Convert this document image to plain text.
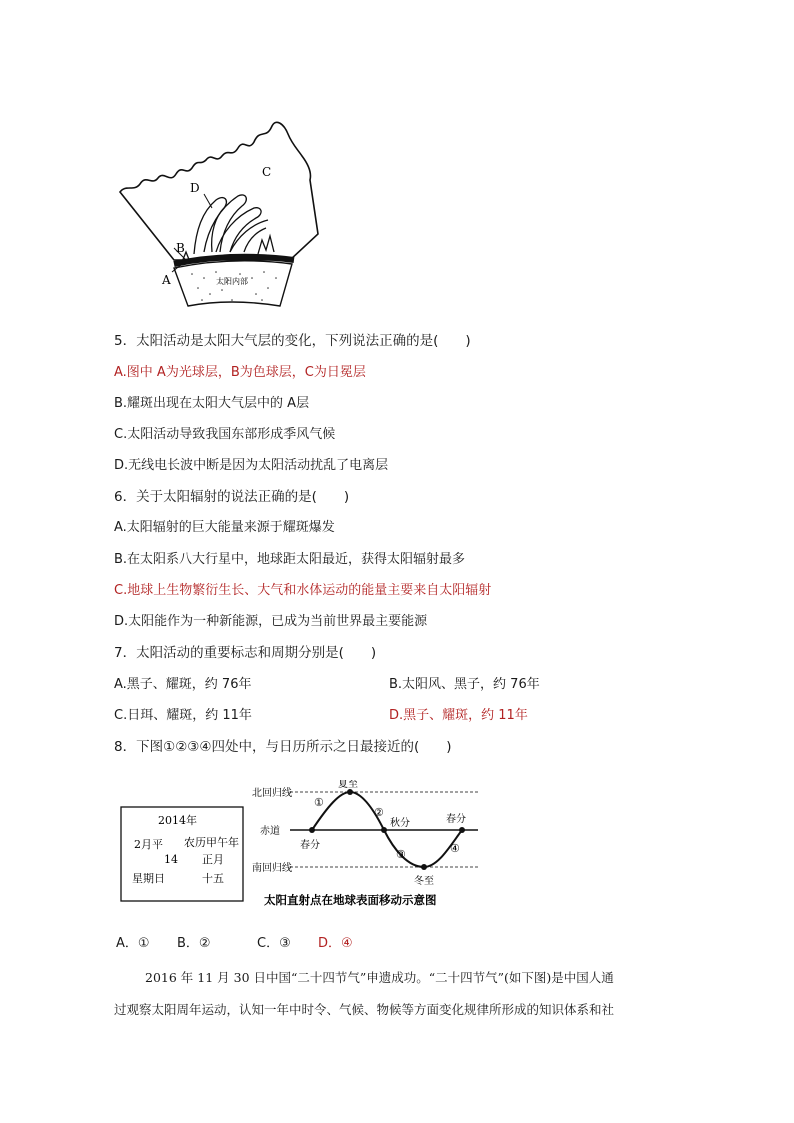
D
C
B
A	太阳内部
5．太阳活动是太阳大气层的变化，下列说法正确的是(　　)
A.图中 A为光球层，B为色球层，C为日冕层
B.耀斑出现在太阳大气层中的 A层
C.太阳活动导致我国东部形成季风气候
D.无线电长波中断是因为太阳活动扰乱了电离层
6．关于太阳辐射的说法正确的是(　　)
A.太阳辐射的巨大能量来源于耀斑爆发
B.在太阳系八大行星中，地球距太阳最近，获得太阳辐射最多
C.地球上生物繁衍生长、大气和水体运动的能量主要来自太阳辐射
D.太阳能作为一种新能源，已成为当前世界最主要能源
7．太阳活动的重要标志和周期分别是(　　)
A.黑子、耀斑，约 76年	B.太阳风、黑子，约 76年
C.日珥、耀斑，约 11年	D.黑子、耀斑，约 11年
8．下图①②③④四处中，与日历所示之日最接近的(　　)
2014年
2月平
14
星期日
农历甲午年
正月
十五
北回归线
赤道
南回归线
夏至
春分
秋分
冬至
春分
①
②
③	④
太阳直射点在地球表面移动示意图
A．① B．②	C．③ D．④
2016 年 11 月 30 日中国“二十四节气”申遗成功。“二十四节气”(如下图)是中国人通
过观察太阳周年运动，认知一年中时令、气候、物候等方面变化规律所形成的知识体系和社
